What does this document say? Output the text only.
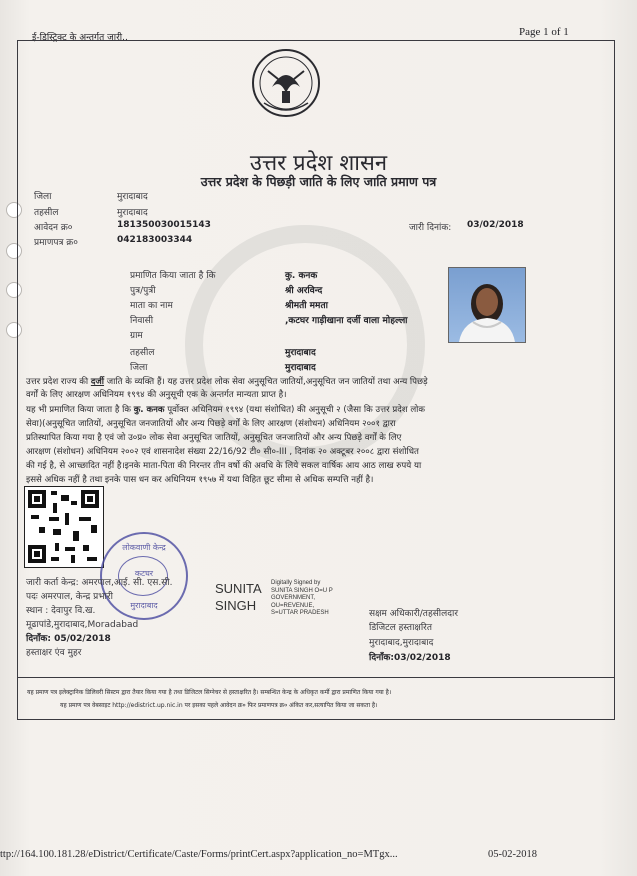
ई-डिस्ट्रिक्ट के अन्तर्गत जारी..	Page 1 of 1
उत्तर प्रदेश शासन
उत्तर प्रदेश के पिछड़ी जाति के लिए जाति प्रमाण पत्र
जिला	मुरादाबाद
तहसील	मुरादाबाद
आवेदन क्र०	181350030015143
प्रमाणपत्र क्र०	042183003344
जारी दिनांक: 03/02/2018
प्रमाणित किया जाता है कि	कु. कनक
पुत्र/पुत्री	श्री अरविन्द
माता का नाम	श्रीमती ममता
निवासी	,कटघर गाड़ीखाना दर्जी वाला मोहल्ला
ग्राम
तहसील	मुरादाबाद
जिला	मुरादाबाद
उत्तर प्रदेश राज्य की दर्जी जाति के व्यक्ति हैं। यह उत्तर प्रदेश लोक सेवा अनुसूचित जातियों,अनुसूचित जन जातियों तथा अन्य पिछड़े
वर्गों के लिए आरक्षण अधिनियम १९९४ की अनुसूची एक के अन्तर्गत मान्यता प्राप्त है।
यह भी प्रमाणित किया जाता है कि कु. कनक पूर्वोक्त अधिनियम १९९४ (यथा संशोधित) की अनुसूची २ (जैसा कि उत्तर प्रदेश लोक
सेवा)(अनुसूचित जातियों, अनुसूचित जनजातियों और अन्य पिछड़े वर्गों के लिए आरक्षण (संशोधन) अधिनियम २००१ द्वारा
प्रतिस्थापित किया गया है एवं जो उ०प्र० लोक सेवा अनुसूचित जातियों, अनुसूचित जनजातियों और अन्य पिछड़े वर्गों के लिए
आरक्षण (संशोधन) अधिनियम २००२ एवं शासनादेश संख्या 22/16/92 टी० सी०-III , दिनांक २० अक्टूबर २००८ द्वारा संशोधित
की गई है, से आच्छादित नहीं है।इनके माता-पिता की निरन्तर तीन वर्षो की अवधि के लिये सकल वार्षिक आय आठ लाख रुपये या
इससे अधिक नहीं है तथा इनके पास धन कर अधिनियम १९५७ में यथा विहित छूट सीमा से अधिक सम्पत्ति नहीं है।
लोकवाणी केन्द्र
कटघर
मुरादाबाद
जारी कर्ता केन्द्र: अमरपाल,आई. सी. एस.सी.
पदः अमरपाल, केन्द्र प्रभारी
स्थान : देवापुर वि.ख.
मूढापांडे,मुरादाबाद,Moradabad
दिनाँक: 05/02/2018
हस्ताक्षर एंव मुहर
SUNITA
SINGH
Digitally Signed by
SUNITA SINGH O=U P
GOVERNMENT,
OU=REVENUE,
S=UTTAR PRADESH	सक्षम अधिकारी/तहसीलदार
डिजिटल हस्ताक्षरित
मुरादाबाद,मुरादाबाद
दिनाँक:03/02/2018
यह प्रमाण पत्र इलेक्ट्रानिक डिलिवरी सिस्टम द्वारा तैयार किया गया है तथा डिजिटल सिग्नेचर से हस्ताक्षरित है। सम्बन्धित केन्द्र के अधिकृत कर्मी द्वारा प्रमाणित किया गया है।
यह प्रमाण पत्र वेबसाइट http://edistrict.up.nic.in पर इसका पहले आवेदन क्र० फिर प्रमाणपत्र क्र० अंकित कर,सत्यापित किया जा सकता है।
ttp://164.100.181.28/eDistrict/Certificate/Caste/Forms/printCert.aspx?application_no=MTgx...	05-02-2018
